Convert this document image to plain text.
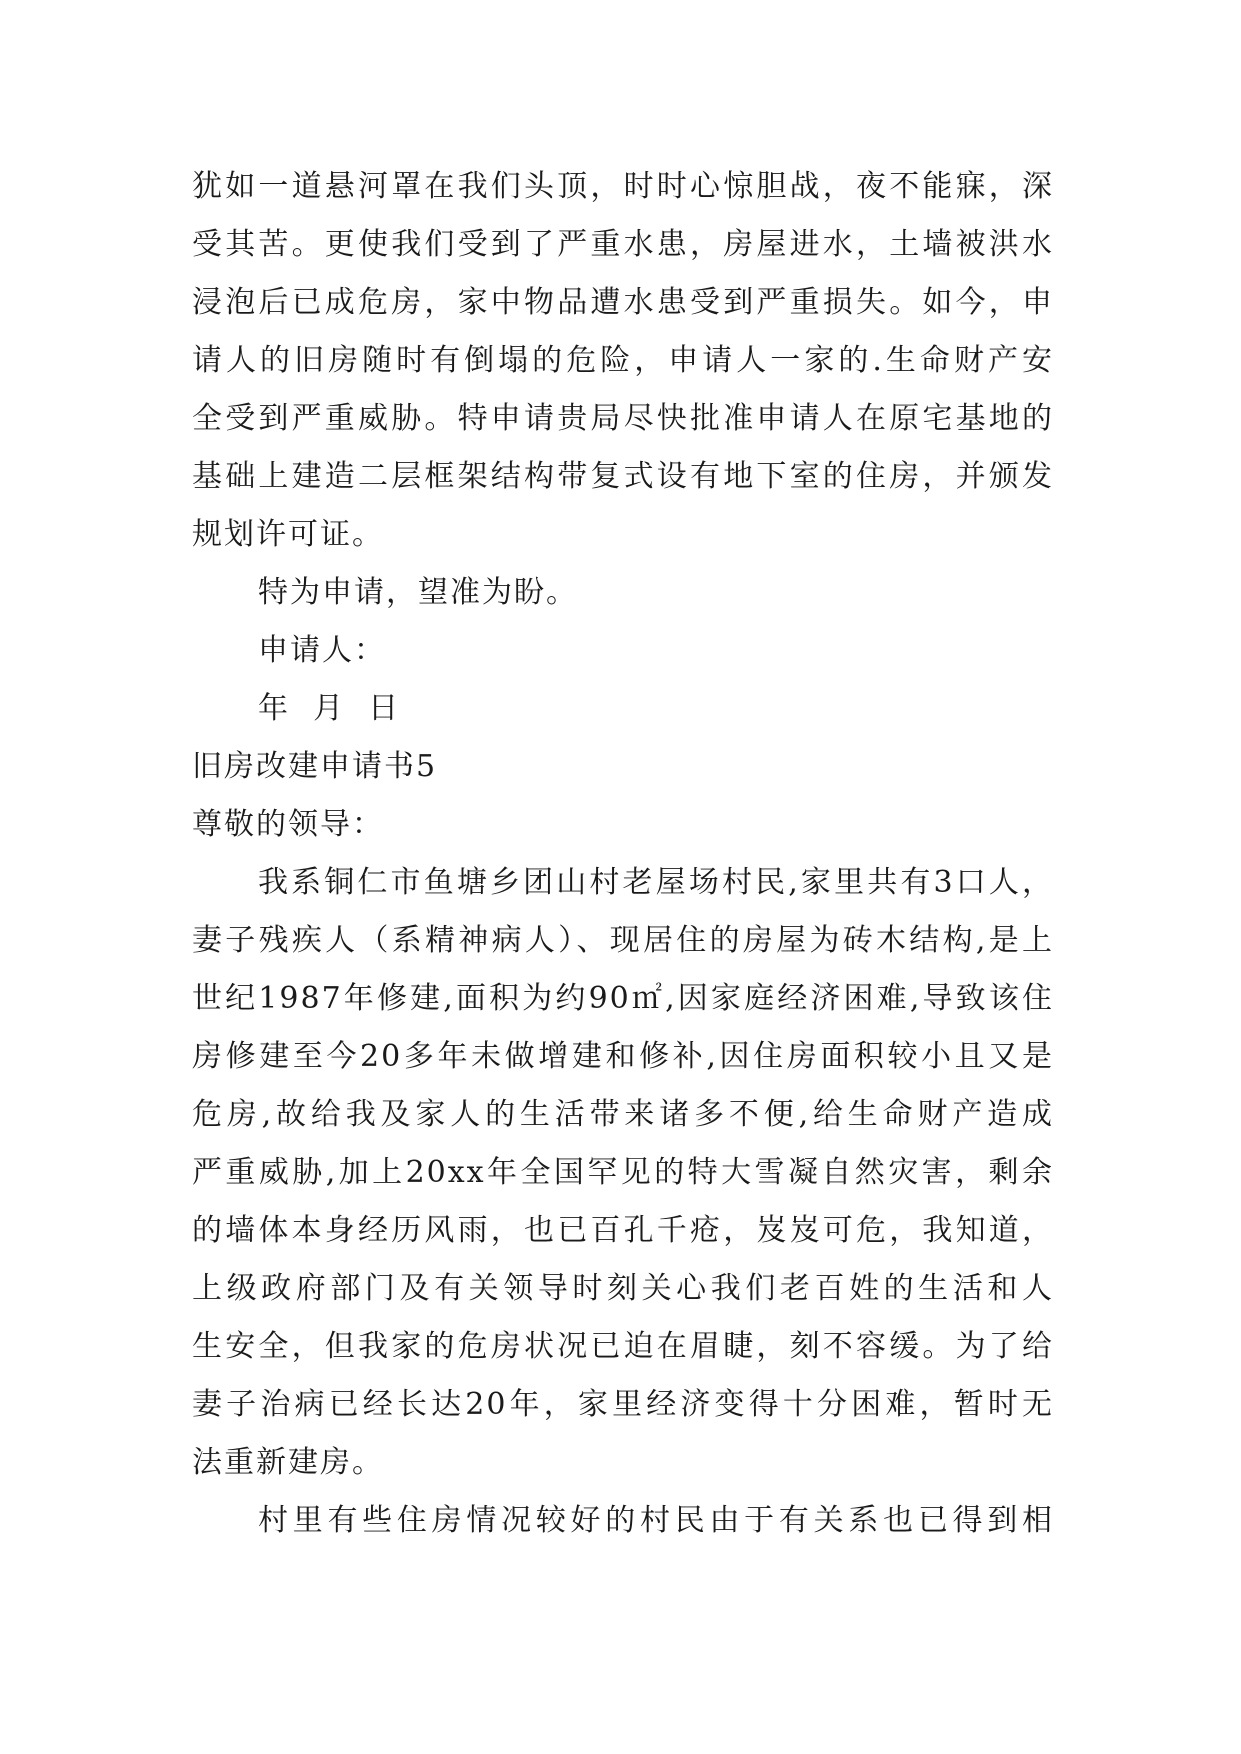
犹如一道悬河罩在我们头顶，时时心惊胆战，夜不能寐，深
受其苦。更使我们受到了严重水患，房屋进水，土墙被洪水
浸泡后已成危房，家中物品遭水患受到严重损失。如今，申
请人的旧房随时有倒塌的危险，申请人一家的.生命财产安
全受到严重威胁。特申请贵局尽快批准申请人在原宅基地的
基础上建造二层框架结构带复式设有地下室的住房，并颁发
规划许可证。
特为申请，望准为盼。
申请人：
年  月  日
旧房改建申请书5
尊敬的领导：
我系铜仁市鱼塘乡团山村老屋场村民,家里共有3口人，
妻子残疾人（系精神病人）、现居住的房屋为砖木结构,是上
世纪1987年修建,面积为约90㎡,因家庭经济困难,导致该住
房修建至今20多年未做增建和修补,因住房面积较小且又是
危房,故给我及家人的生活带来诸多不便,给生命财产造成
严重威胁,加上20xx年全国罕见的特大雪凝自然灾害，剩余
的墙体本身经历风雨，也已百孔千疮，岌岌可危，我知道，
上级政府部门及有关领导时刻关心我们老百姓的生活和人
生安全，但我家的危房状况已迫在眉睫，刻不容缓。为了给
妻子治病已经长达20年，家里经济变得十分困难，暂时无
法重新建房。
村里有些住房情况较好的村民由于有关系也已得到相
